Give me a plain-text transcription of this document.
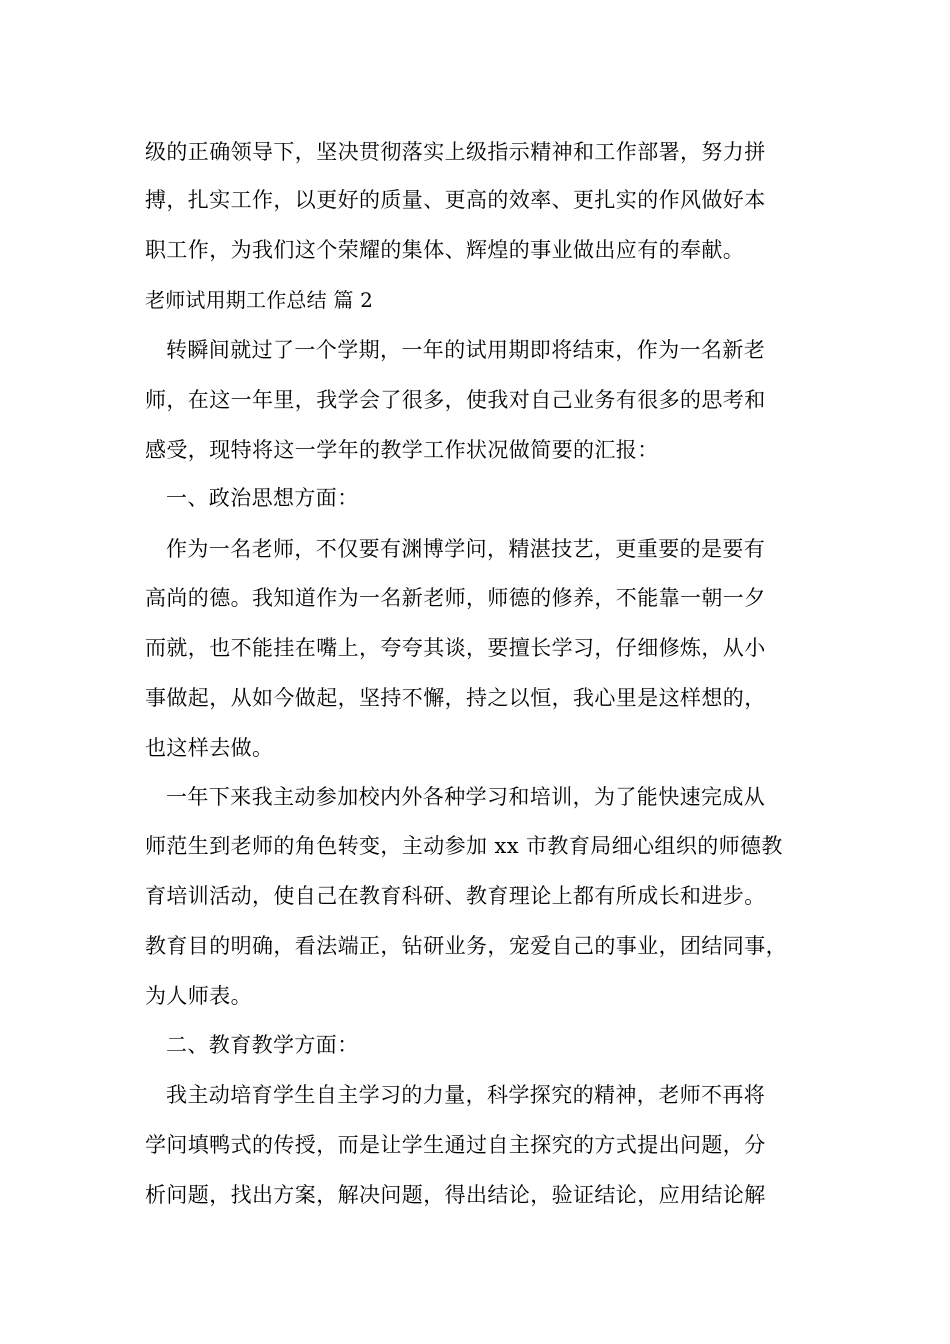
级的正确领导下，坚决贯彻落实上级指示精神和工作部署，努力拼
搏，扎实工作，以更好的质量、更高的效率、更扎实的作风做好本
职工作，为我们这个荣耀的集体、辉煌的事业做出应有的奉献。
老师试用期工作总结 篇 2
转瞬间就过了一个学期，一年的试用期即将结束，作为一名新老
师，在这一年里，我学会了很多，使我对自己业务有很多的思考和
感受，现特将这一学年的教学工作状况做简要的汇报：
一、政治思想方面：
作为一名老师，不仅要有渊博学问，精湛技艺，更重要的是要有
高尚的德。我知道作为一名新老师，师德的修养，不能靠一朝一夕
而就，也不能挂在嘴上，夸夸其谈，要擅长学习，仔细修炼，从小
事做起，从如今做起，坚持不懈，持之以恒，我心里是这样想的，
也这样去做。
一年下来我主动参加校内外各种学习和培训，为了能快速完成从
师范生到老师的角色转变，主动参加 xx 市教育局细心组织的师德教
育培训活动，使自己在教育科研、教育理论上都有所成长和进步。
教育目的明确，看法端正，钻研业务，宠爱自己的事业，团结同事，
为人师表。
二、教育教学方面：
我主动培育学生自主学习的力量，科学探究的精神，老师不再将
学问填鸭式的传授，而是让学生通过自主探究的方式提出问题，分
析问题，找出方案，解决问题，得出结论，验证结论，应用结论解
